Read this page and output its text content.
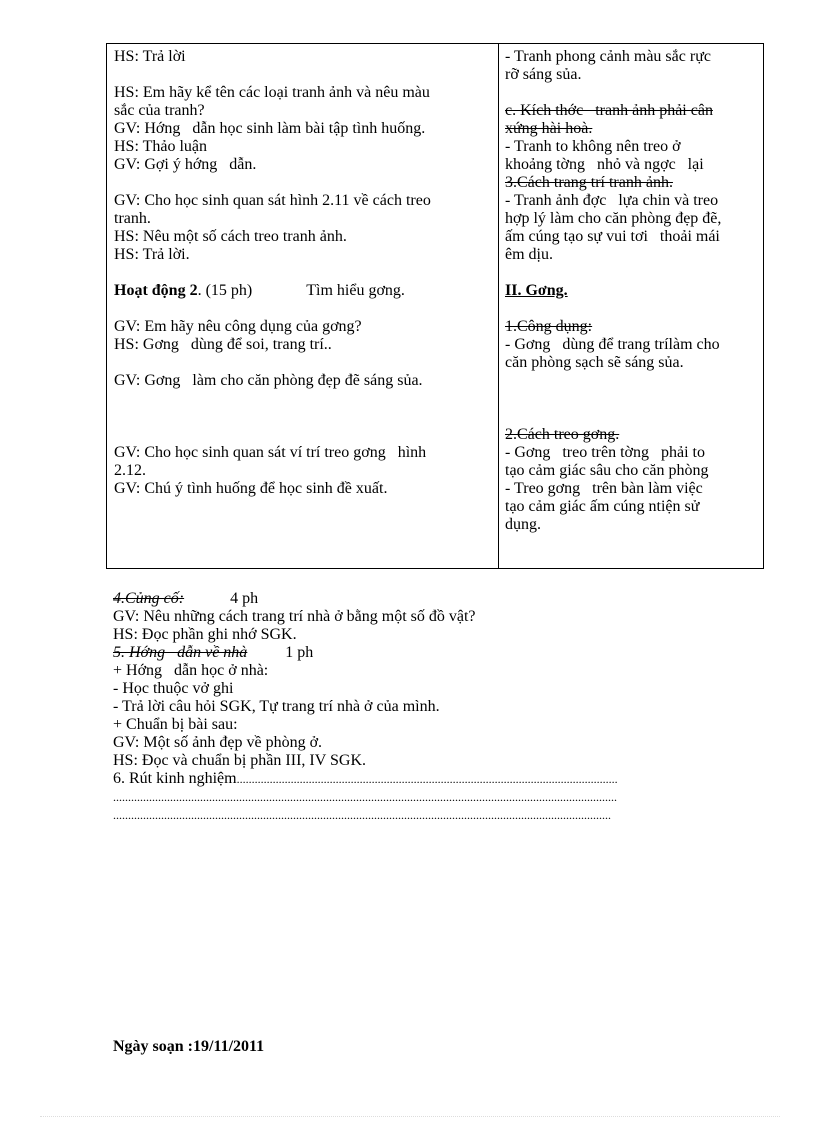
HS: Trả lời
HS: Em hãy kể tên các loại tranh ảnh và nêu màu
sắc của tranh?
GV: Hớng   dẫn học sinh làm bài tập tình huống.
HS: Thảo luận
GV: Gợi ý hớng   dẫn.
GV: Cho học sinh quan sát hình 2.11 về cách treo
tranh.
HS: Nêu một số cách treo tranh ảnh.
HS: Trả lời.
Hoạt động 2. (15 ph)	Tìm hiểu gơng.
GV: Em hãy nêu công dụng của gơng?
HS: Gơng   dùng để soi, trang trí..
GV: Gơng   làm cho căn phòng đẹp đẽ sáng sủa.
GV: Cho học sinh quan sát ví trí treo gơng   hình
2.12.
GV: Chú ý tình huống để học sinh đề xuất.
- Tranh phong cảnh màu sắc rực
rỡ sáng sủa.
c. Kích thớc   tranh ảnh phải cân
xứng hài hoà.
- Tranh to không nên treo ở
khoảng tờng   nhỏ và ngợc   lại
3.Cách trang trí tranh ảnh.
- Tranh ảnh đợc   lựa chin và treo
hợp lý làm cho căn phòng đẹp đẽ,
ấm cúng tạo sự vui tơi   thoải mái
êm dịu.
II. Gơng.
1.Công dụng:
- Gơng   dùng để trang trílàm cho
căn phòng sạch sẽ sáng sủa.
2.Cách treo gơng.
- Gơng   treo trên tờng   phải to
tạo cảm giác sâu cho căn phòng
- Treo gơng   trên bàn làm việc
tạo cảm giác ấm cúng ntiện sử
dụng.
4.Củng cố:	4 ph
GV: Nêu những cách trang trí nhà ở bằng một số đồ vật?
HS: Đọc phần ghi nhớ SGK.
5. Hớng   dẫn về nhà 1 ph
+ Hớng   dẫn học ở nhà:
- Học thuộc vở ghi
- Trả lời câu hỏi SGK, Tự trang trí nhà ở của mình.
+ Chuẩn bị bài sau:
GV: Một số ảnh đẹp về phòng ở.
HS: Đọc và chuẩn bị phần III, IV SGK.
6. Rút kinh nghiệm...............................................................................................................................
........................................................................................................................................................................
......................................................................................................................................................................
Ngày soạn :19/11/2011
